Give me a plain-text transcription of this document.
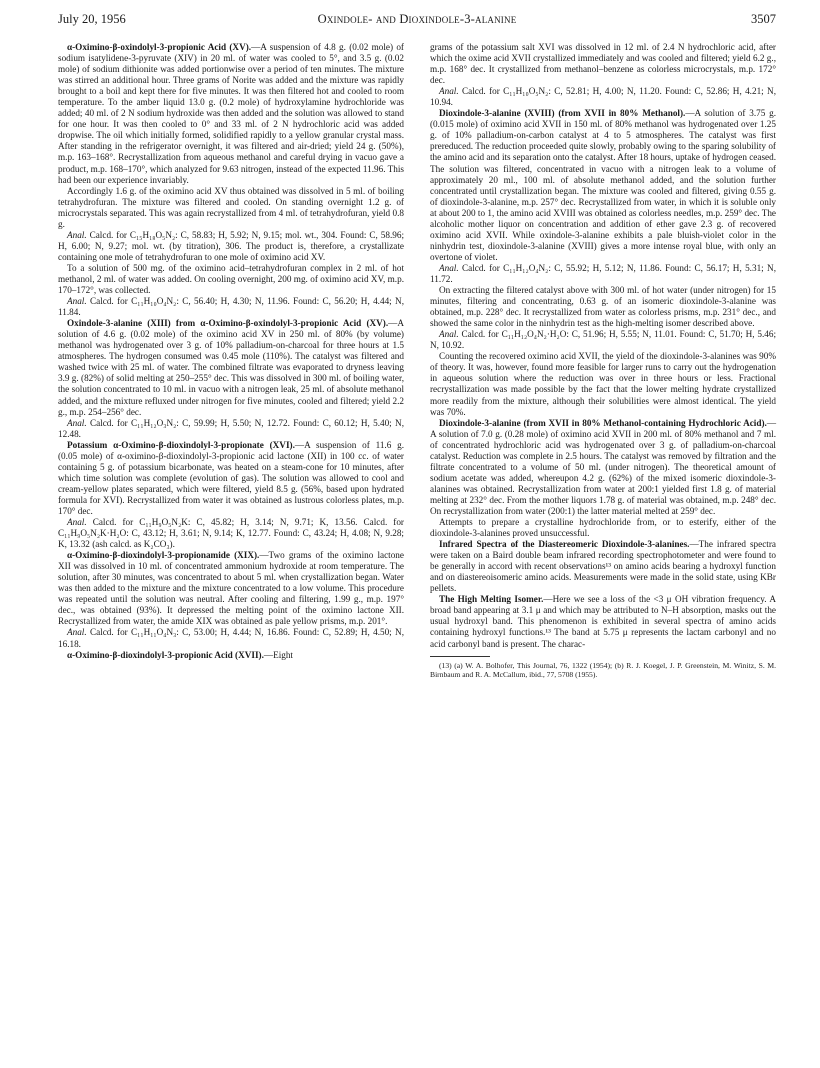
July 20, 1956	Oxindole- and Dioxindole-3-alanine	3507

α-Oximino-β-oxindolyl-3-propionic Acid (XV).—A suspension of 4.8 g. (0.02 mole) of sodium isatylidene-3-pyruvate (XIV) in 20 ml. of water was cooled to 5°, and 3.5 g. (0.02 mole) of sodium dithionite was added portionwise over a period of ten minutes. The mixture was stirred an additional hour. Three grams of Norite was added and the mixture was rapidly brought to a boil and kept there for five minutes. It was then filtered hot and cooled to room temperature. To the amber liquid 13.0 g. (0.2 mole) of hydroxylamine hydrochloride was added; 40 ml. of 2 N sodium hydroxide was then added and the solution was allowed to stand for one hour. It was then cooled to 0° and 33 ml. of 2 N hydrochloric acid was added dropwise. The oil which initially formed, solidified rapidly to a yellow granular crystal mass. After standing in the refrigerator overnight, it was filtered and air-dried; yield 24 g. (50%), m.p. 163–168°. Recrystallization from aqueous methanol and careful drying in vacuo gave a product, m.p. 168–170°, which analyzed for 9.63 nitrogen, instead of the expected 11.96. This had been our experience invariably.

Accordingly 1.6 g. of the oximino acid XV thus obtained was dissolved in 5 ml. of boiling tetrahydrofuran. The mixture was filtered and cooled. On standing overnight 1.2 g. of microcrystals separated. This was again recrystallized from 4 ml. of tetrahydrofuran, yield 0.8 g.

Anal. Calcd. for C₁₅H₁₈O₅N₂: C, 58.83; H, 5.92; N, 9.15; mol. wt., 304. Found: C, 58.96; H, 6.00; N, 9.27; mol. wt. (by titration), 306. The product is, therefore, a crystallizate containing one mole of tetrahydrofuran to one mole of oximino acid XV.

To a solution of 500 mg. of the oximino acid–tetrahydrofuran complex in 2 ml. of hot methanol, 2 ml. of water was added. On cooling overnight, 200 mg. of oximino acid XV, m.p. 170–172°, was collected.

Anal. Calcd. for C₁₁H₁₀O₄N₂: C, 56.40; H, 4.30; N, 11.96. Found: C, 56.20; H, 4.44; N, 11.84.

Oxindole-3-alanine (XIII) from α-Oximino-β-oxindolyl-3-propionic Acid (XV).—A solution of 4.6 g. (0.02 mole) of the oximino acid XV in 250 ml. of 80% (by volume) methanol was hydrogenated over 3 g. of 10% palladium-on-charcoal for three hours at 1.5 atmospheres. The hydrogen consumed was 0.45 mole (110%). The catalyst was filtered and washed twice with 25 ml. of water. The combined filtrate was evaporated to dryness leaving 3.9 g. (82%) of solid melting at 250–255° dec. This was dissolved in 300 ml. of boiling water, the solution concentrated to 10 ml. in vacuo with a nitrogen leak, 25 ml. of absolute methanol added, and the mixture refluxed under nitrogen for five minutes, cooled and filtered; yield 2.2 g., m.p. 254–256° dec.

Anal. Calcd. for C₁₁H₁₂O₃N₂: C, 59.99; H, 5.50; N, 12.72. Found: C, 60.12; H, 5.40; N, 12.48.

Potassium α-Oximino-β-dioxindolyl-3-propionate (XVI).—A suspension of 11.6 g. (0.05 mole) of α-oximino-β-dioxindolyl-3-propionic acid lactone (XII) in 100 cc. of water containing 5 g. of potassium bicarbonate, was heated on a steam-cone for 10 minutes, after which time solution was complete (evolution of gas). The solution was allowed to cool and cream-yellow plates separated, which were filtered, yield 8.5 g. (56%, based upon hydrated formula for XVI). Recrystallized from water it was obtained as lustrous colorless plates, m.p. 170° dec.

Anal. Calcd. for C₁₁H₉O₅N₂K: C, 45.82; H, 3.14; N, 9.71; K, 13.56. Calcd. for C₁₁H₉O₅N₂K·H₂O: C, 43.12; H, 3.61; N, 9.14; K, 12.77. Found: C, 43.24; H, 4.08; N, 9.28; K, 13.32 (ash calcd. as K₂CO₃).

α-Oximino-β-dioxindolyl-3-propionamide (XIX).—Two grams of the oximino lactone XII was dissolved in 10 ml. of concentrated ammonium hydroxide at room temperature. The solution, after 30 minutes, was concentrated to about 5 ml. when crystallization began. Water was then added to the mixture and the mixture concentrated to a low volume. This procedure was repeated until the solution was neutral. After cooling and filtering, 1.99 g., m.p. 197° dec., was obtained (93%). It depressed the melting point of the oximino lactone XII. Recrystallized from water, the amide XIX was obtained as pale yellow prisms, m.p. 201°.

Anal. Calcd. for C₁₁H₁₁O₄N₃: C, 53.00; H, 4.44; N, 16.86. Found: C, 52.89; H, 4.50; N, 16.18.

α-Oximino-β-dioxindolyl-3-propionic Acid (XVII).—Eight

grams of the potassium salt XVI was dissolved in 12 ml. of 2.4 N hydrochloric acid, after which the oxime acid XVII crystallized immediately and was cooled and filtered; yield 6.2 g., m.p. 168° dec. It crystallized from methanol–benzene as colorless microcrystals, m.p. 172° dec.

Anal. Calcd. for C₁₁H₁₀O₅N₂: C, 52.81; H, 4.00; N, 11.20. Found: C, 52.86; H, 4.21; N, 10.94.

Dioxindole-3-alanine (XVIII) (from XVII in 80% Methanol).—A solution of 3.75 g. (0.015 mole) of oximino acid XVII in 150 ml. of 80% methanol was hydrogenated over 1.25 g. of 10% palladium-on-carbon catalyst at 4 to 5 atmospheres. The catalyst was first prereduced. The reduction proceeded quite slowly, probably owing to the sparing solubility of the amino acid and its separation onto the catalyst. After 18 hours, uptake of hydrogen ceased. The solution was filtered, concentrated in vacuo with a nitrogen leak to a volume of approximately 20 ml., 100 ml. of absolute methanol added, and the solution further concentrated until crystallization began. The mixture was cooled and filtered, giving 0.55 g. of dioxindole-3-alanine, m.p. 257° dec. Recrystallized from water, in which it is soluble only at about 200 to 1, the amino acid XVIII was obtained as colorless needles, m.p. 259° dec. The alcoholic mother liquor on concentration and addition of ether gave 2.3 g. of recovered oximino acid XVII. While oxindole-3-alanine exhibits a pale bluish-violet color in the ninhydrin test, dioxindole-3-alanine (XVIII) gives a more intense royal blue, with only an overtone of violet.

Anal. Calcd. for C₁₁H₁₂O₄N₂: C, 55.92; H, 5.12; N, 11.86. Found: C, 56.17; H, 5.31; N, 11.72.

On extracting the filtered catalyst above with 300 ml. of hot water (under nitrogen) for 15 minutes, filtering and concentrating, 0.63 g. of an isomeric dioxindole-3-alanine was obtained, m.p. 228° dec. It recrystallized from water as colorless prisms, m.p. 231° dec., and showed the same color in the ninhydrin test as the high-melting isomer described above.

Anal. Calcd. for C₁₁H₁₂O₄N₂·H₂O: C, 51.96; H, 5.55; N, 11.01. Found: C, 51.70; H, 5.46; N, 10.92.

Counting the recovered oximino acid XVII, the yield of the dioxindole-3-alanines was 90% of theory. It was, however, found more feasible for larger runs to carry out the hydrogenation in aqueous solution where the reduction was over in three hours or less. Fractional recrystallization was made possible by the fact that the lower melting hydrate crystallized more readily from the mixture, although their solubilities were almost identical. The yield was 70%.

Dioxindole-3-alanine (from XVII in 80% Methanol-containing Hydrochloric Acid).—A solution of 7.0 g. (0.28 mole) of oximino acid XVII in 200 ml. of 80% methanol and 7 ml. of concentrated hydrochloric acid was hydrogenated over 3 g. of palladium-on-charcoal catalyst. Reduction was complete in 2.5 hours. The catalyst was removed by filtration and the filtrate concentrated to a volume of 50 ml. (under nitrogen). The theoretical amount of sodium acetate was added, whereupon 4.2 g. (62%) of the mixed isomeric dioxindole-3-alanines was obtained. Recrystallization from water at 200:1 yielded first 1.8 g. of material melting at 232° dec. From the mother liquors 1.78 g. of material was obtained, m.p. 248° dec. On recrystallization from water (200:1) the latter material melted at 259° dec.

Attempts to prepare a crystalline hydrochloride from, or to esterify, either of the dioxindole-3-alanines proved unsuccessful.

Infrared Spectra of the Diastereomeric Dioxindole-3-alanines.—The infrared spectra were taken on a Baird double beam infrared recording spectrophotometer and were found to be generally in accord with recent observations¹³ on amino acids bearing a hydroxyl function and on diastereoisomeric amino acids. Measurements were made in the solid state, using KBr pellets.

The High Melting Isomer.—Here we see a loss of the <3 μ OH vibration frequency. A broad band appearing at 3.1 μ and which may be attributed to N–H absorption, masks out the usual hydroxyl band. This phenomenon is exhibited in several spectra of amino acids containing hydroxyl functions.¹³ The band at 5.75 μ represents the lactam carbonyl and no acid carbonyl band is present. The charac-

(13) (a) W. A. Bolhofer, This Journal, 76, 1322 (1954); (b) R. J. Koegel, J. P. Greenstein, M. Winitz, S. M. Birnbaum and R. A. McCallum, ibid., 77, 5708 (1955).
